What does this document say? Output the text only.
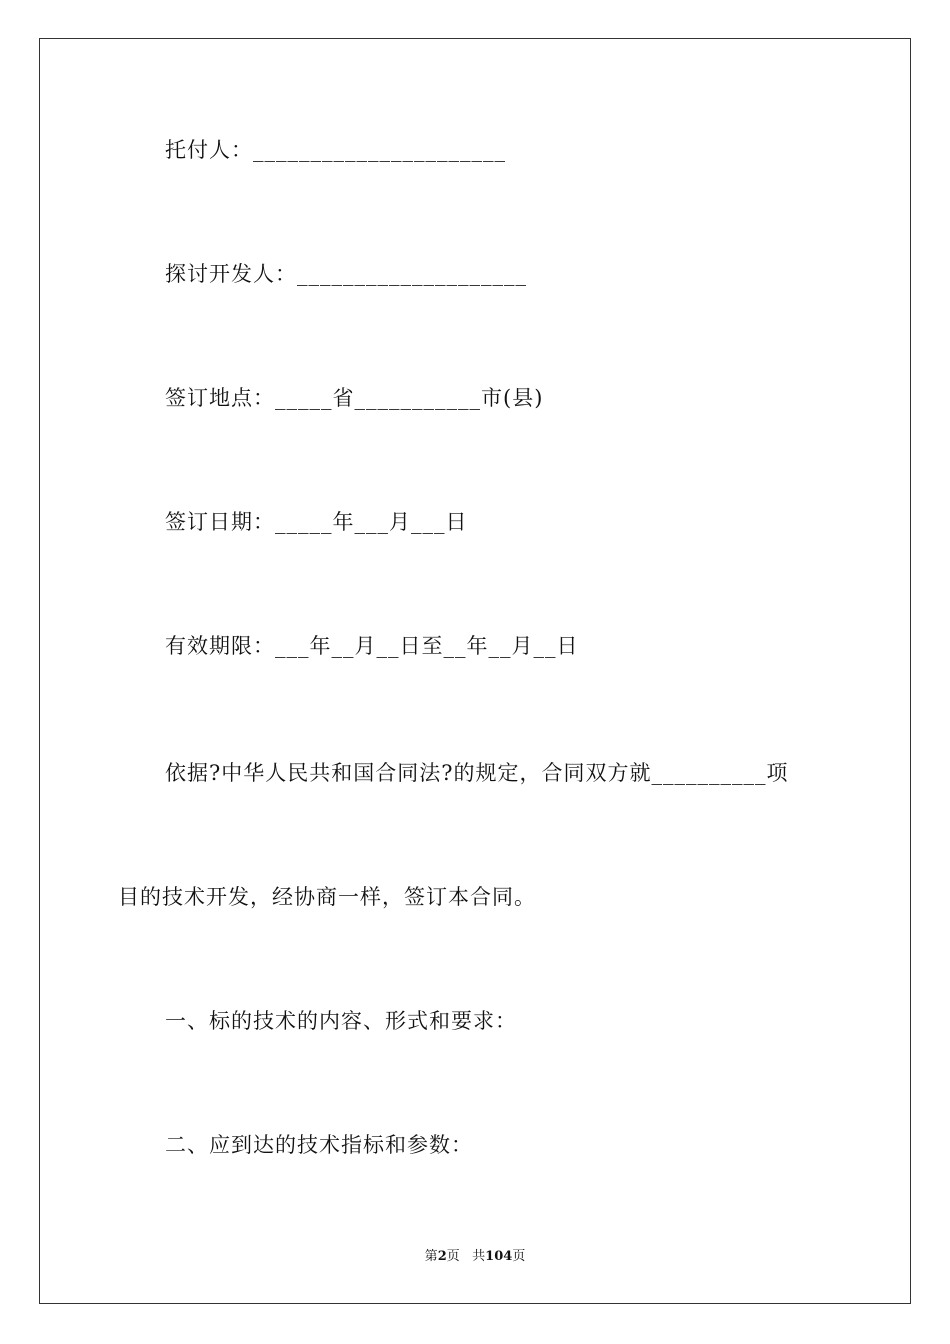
托付人：______________________
探讨开发人：____________________
签订地点：_____省___________市(县)
签订日期：_____年___月___日
有效期限：___年__月__日至__年__月__日
依据?中华人民共和国合同法?的规定，合同双方就__________项
目的技术开发，经协商一样，签订本合同。
一、标的技术的内容、形式和要求：
二、应到达的技术指标和参数：
第2页 共104页
